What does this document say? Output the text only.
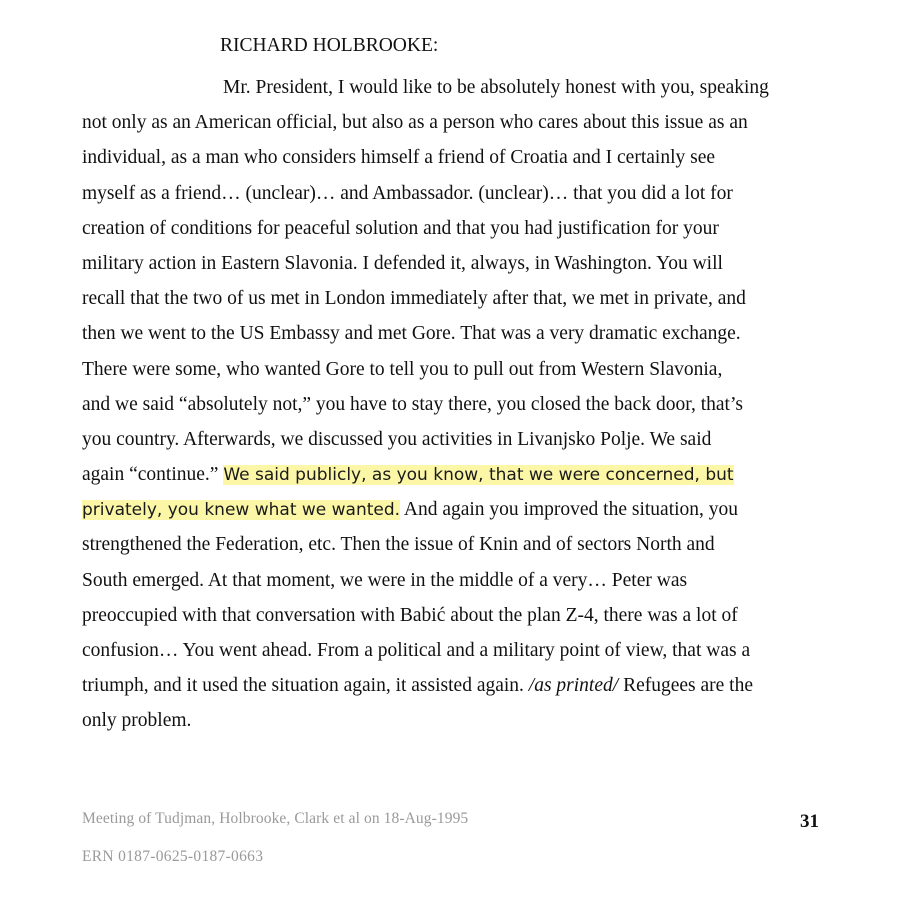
RICHARD HOLBROOKE:

Mr. President, I would like to be absolutely honest with you, speaking
not only as an American official, but also as a person who cares about this issue as an
individual, as a man who considers himself a friend of Croatia and I certainly see
myself as a friend… (unclear)… and Ambassador. (unclear)… that you did a lot for
creation of conditions for peaceful solution and that you had justification for your
military action in Eastern Slavonia. I defended it, always, in Washington. You will
recall that the two of us met in London immediately after that, we met in private, and
then we went to the US Embassy and met Gore. That was a very dramatic exchange.
There were some, who wanted Gore to tell you to pull out from Western Slavonia,
and we said “absolutely not,” you have to stay there, you closed the back door, that’s
you country. Afterwards, we discussed you activities in Livanjsko Polje. We said
again “continue.” We said publicly, as you know, that we were concerned, but
privately, you knew what we wanted. And again you improved the situation, you
strengthened the Federation, etc. Then the issue of Knin and of sectors North and
South emerged. At that moment, we were in the middle of a very… Peter was
preoccupied with that conversation with Babić about the plan Z-4, there was a lot of
confusion… You went ahead. From a political and a military point of view, that was a
triumph, and it used the situation again, it assisted again. /as printed/ Refugees are the
only problem.
Meeting of Tudjman, Holbrooke, Clark et al on 18-Aug-1995	31
ERN 0187-0625-0187-0663
